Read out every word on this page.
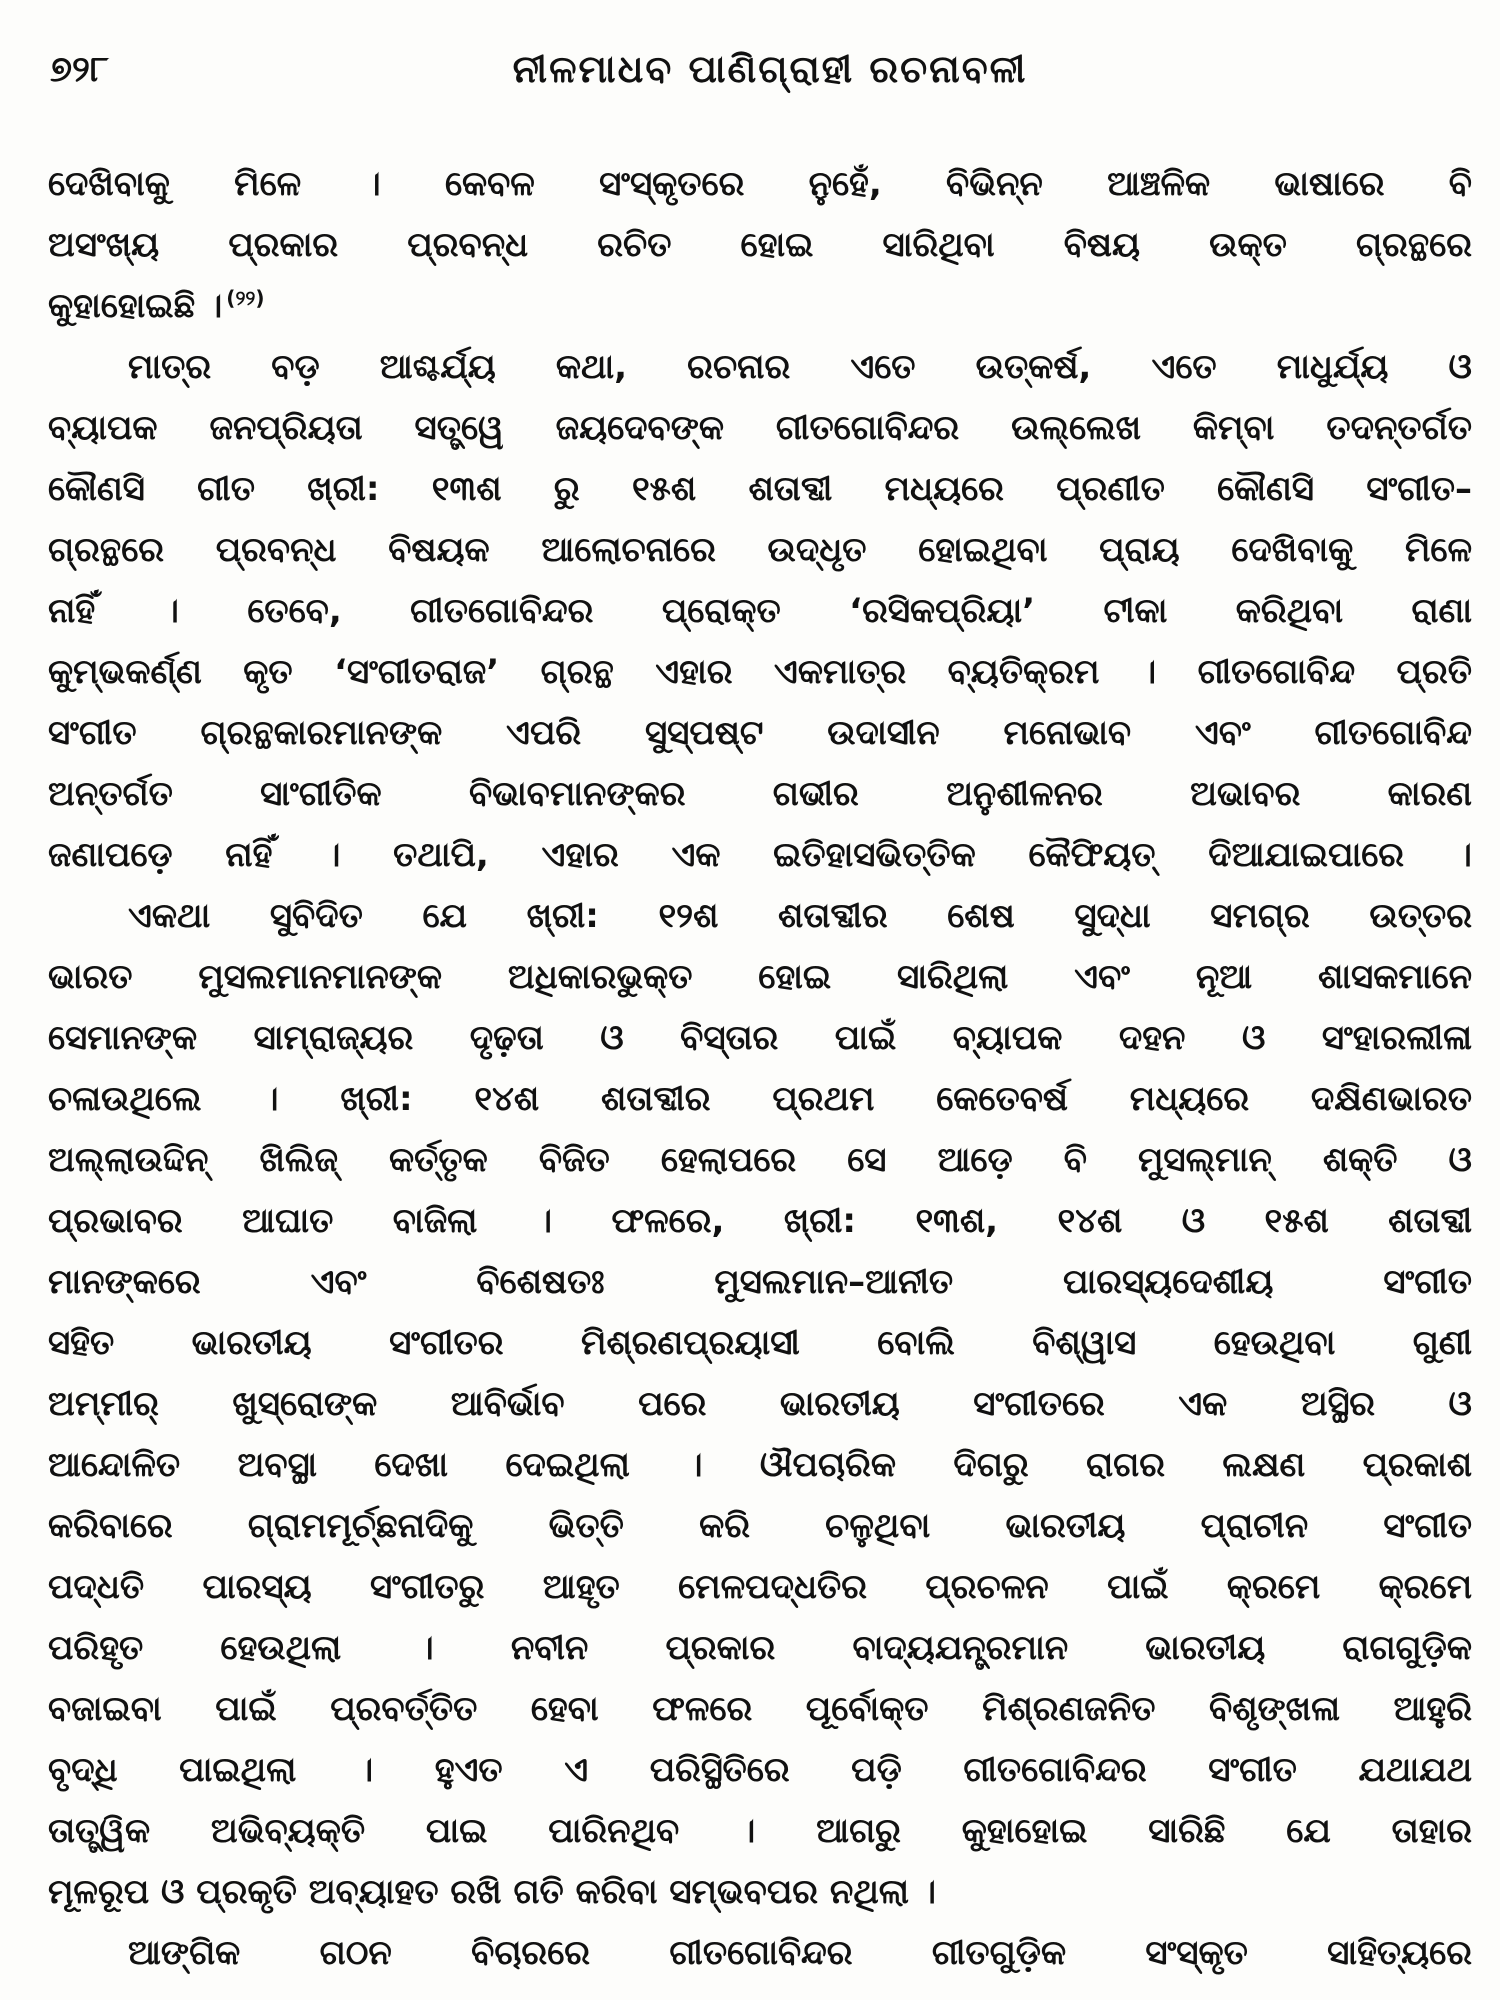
୭୨୮	ନୀଳମାଧବ ପାଣିଗ୍ରାହୀ ରଚନାବଳୀ
ଦେଖିବାକୁ ମିଳେ । କେବଳ ସଂସ୍କୃତରେ ନୁହେଁ, ବିଭିନ୍ନ ଆଞ୍ଚଳିକ ଭାଷାରେ ବି
ଅସଂଖ୍ୟ ପ୍ରକାର ପ୍ରବନ୍ଧ ରଚିତ ହୋଇ ସାରିଥିବା ବିଷୟ ଉକ୍ତ ଗ୍ରନ୍ଥରେ
କୁହାହୋଇଛି । $^{(୨୨)}$
ମାତ୍ର ବଡ଼ ଆଶ୍ଚର୍ଯ୍ୟ କଥା, ରଚନାର ଏତେ ଉତ୍କର୍ଷ, ଏତେ ମାଧୁର୍ଯ୍ୟ ଓ
ବ୍ୟାପକ ଜନପ୍ରିୟତା ସତ୍ତ୍ୱେ ଜୟଦେବଙ୍କ ଗୀତଗୋବିନ୍ଦର ଉଲ୍ଲେଖ କିମ୍ବା ତଦନ୍ତର୍ଗତ
କୌଣସି ଗୀତ ଖ୍ରୀ: ୧୩ଶ ରୁ ୧୫ଶ ଶତାବ୍ଦୀ ମଧ୍ୟରେ ପ୍ରଣୀତ କୌଣସି ସଂଗୀତ–
ଗ୍ରନ୍ଥରେ ପ୍ରବନ୍ଧ ବିଷୟକ ଆଲୋଚନାରେ ଉଦ୍ଧୃତ ହୋଇଥିବା ପ୍ରାୟ ଦେଖିବାକୁ ମିଳେ
ନାହିଁ । ତେବେ, ଗୀତଗୋବିନ୍ଦର ପ୍ରୋକ୍ତ ‘ରସିକପ୍ରିୟା’ ଟୀକା କରିଥିବା ରାଣା
କୁମ୍ଭକର୍ଣ୍ଣ କୃତ ‘ସଂଗୀତରାଜ’ ଗ୍ରନ୍ଥ ଏହାର ଏକମାତ୍ର ବ୍ୟତିକ୍ରମ । ଗୀତଗୋବିନ୍ଦ ପ୍ରତି
ସଂଗୀତ ଗ୍ରନ୍ଥକାରମାନଙ୍କ ଏପରି ସୁସ୍ପଷ୍ଟ ଉଦାସୀନ ମନୋଭାବ ଏବଂ ଗୀତଗୋବିନ୍ଦ
ଅନ୍ତର୍ଗତ ସାଂଗୀତିକ ବିଭାବମାନଙ୍କର ଗଭୀର ଅନୁଶୀଳନର ଅଭାବର କାରଣ
ଜଣାପଡ଼େ ନାହିଁ । ତଥାପି, ଏହାର ଏକ ଇତିହାସଭିତ୍ତିକ କୈଫିୟତ୍ ଦିଆଯାଇପାରେ ।
ଏକଥା ସୁବିଦିତ ଯେ ଖ୍ରୀ: ୧୨ଶ ଶତାବ୍ଦୀର ଶେଷ ସୁଦ୍ଧା ସମଗ୍ର ଉତ୍ତର
ଭାରତ ମୁସଲମାନମାନଙ୍କ ଅଧିକାରଭୁକ୍ତ ହୋଇ ସାରିଥିଲା ଏବଂ ନୂଆ ଶାସକମାନେ
ସେମାନଙ୍କ ସାମ୍ରାଜ୍ୟର ଦୃଢ଼ତା ଓ ବିସ୍ତାର ପାଇଁ ବ୍ୟାପକ ଦହନ ଓ ସଂହାରଲୀଳା
ଚଳାଉଥିଲେ । ଖ୍ରୀ: ୧୪ଶ ଶତାବ୍ଦୀର ପ୍ରଥମ କେତେବର୍ଷ ମଧ୍ୟରେ ଦକ୍ଷିଣଭାରତ
ଅଲ୍ଲାଉଦ୍ଦିନ୍ ଖିଲିଜ୍ କର୍ତ୍ତୃକ ବିଜିତ ହେଲାପରେ ସେ ଆଡ଼େ ବି ମୁସଲ୍‌ମାନ୍ ଶକ୍ତି ଓ
ପ୍ରଭାବର ଆଘାତ ବାଜିଲା । ଫଳରେ, ଖ୍ରୀ: ୧୩ଶ, ୧୪ଶ ଓ ୧୫ଶ ଶତାବ୍ଦୀ
ମାନଙ୍କରେ ଏବଂ ବିଶେଷତଃ ମୁସଲମାନ–ଆନୀତ ପାରସ୍ୟଦେଶୀୟ ସଂଗୀତ
ସହିତ ଭାରତୀୟ ସଂଗୀତର ମିଶ୍ରଣପ୍ରୟାସୀ ବୋଲି ବିଶ୍ୱାସ ହେଉଥିବା ଗୁଣୀ
ଅମ୍ମୀର୍ ଖୁସ୍‌ରୋଙ୍କ ଆବିର୍ଭାବ ପରେ ଭାରତୀୟ ସଂଗୀତରେ ଏକ ଅସ୍ଥିର ଓ
ଆନ୍ଦୋଳିତ ଅବସ୍ଥା ଦେଖା ଦେଇଥିଲା । ଔପଚାରିକ ଦିଗରୁ ରାଗର ଲକ୍ଷଣ ପ୍ରକାଶ
କରିବାରେ ଗ୍ରାମମୂର୍ଚ୍ଛନାଦିକୁ ଭିତ୍ତି କରି ଚଳୁଥିବା ଭାରତୀୟ ପ୍ରାଚୀନ ସଂଗୀତ
ପଦ୍ଧତି ପାରସ୍ୟ ସଂଗୀତରୁ ଆହୃତ ମେଳପଦ୍ଧତିର ପ୍ରଚଳନ ପାଇଁ କ୍ରମେ କ୍ରମେ
ପରିହୃତ ହେଉଥିଲା । ନବୀନ ପ୍ରକାର ବାଦ୍ୟଯନ୍ତ୍ରମାନ ଭାରତୀୟ ରାଗଗୁଡ଼ିକ
ବଜାଇବା ପାଇଁ ପ୍ରବର୍ତ୍ତିତ ହେବା ଫଳରେ ପୂର୍ବୋକ୍ତ ମିଶ୍ରଣଜନିତ ବିଶୃଙ୍ଖଳା ଆହୁରି
ବୃଦ୍ଧି ପାଇଥିଲା । ହୁଏତ ଏ ପରିସ୍ଥିତିରେ ପଡ଼ି ଗୀତଗୋବିନ୍ଦର ସଂଗୀତ ଯଥାଯଥ
ତାତ୍ତ୍ୱିକ ଅଭିବ୍ୟକ୍ତି ପାଇ ପାରିନଥିବ । ଆଗରୁ କୁହାହୋଇ ସାରିଛି ଯେ ତାହାର
ମୂଳରୂପ ଓ ପ୍ରକୃତି ଅବ୍ୟାହତ ରଖି ଗତି କରିବା ସମ୍ଭବପର ନଥିଲା ।
ଆଙ୍ଗିକ ଗଠନ ବିଚାରରେ ଗୀତଗୋବିନ୍ଦର ଗୀତଗୁଡ଼ିକ ସଂସ୍କୃତ ସାହିତ୍ୟରେ
